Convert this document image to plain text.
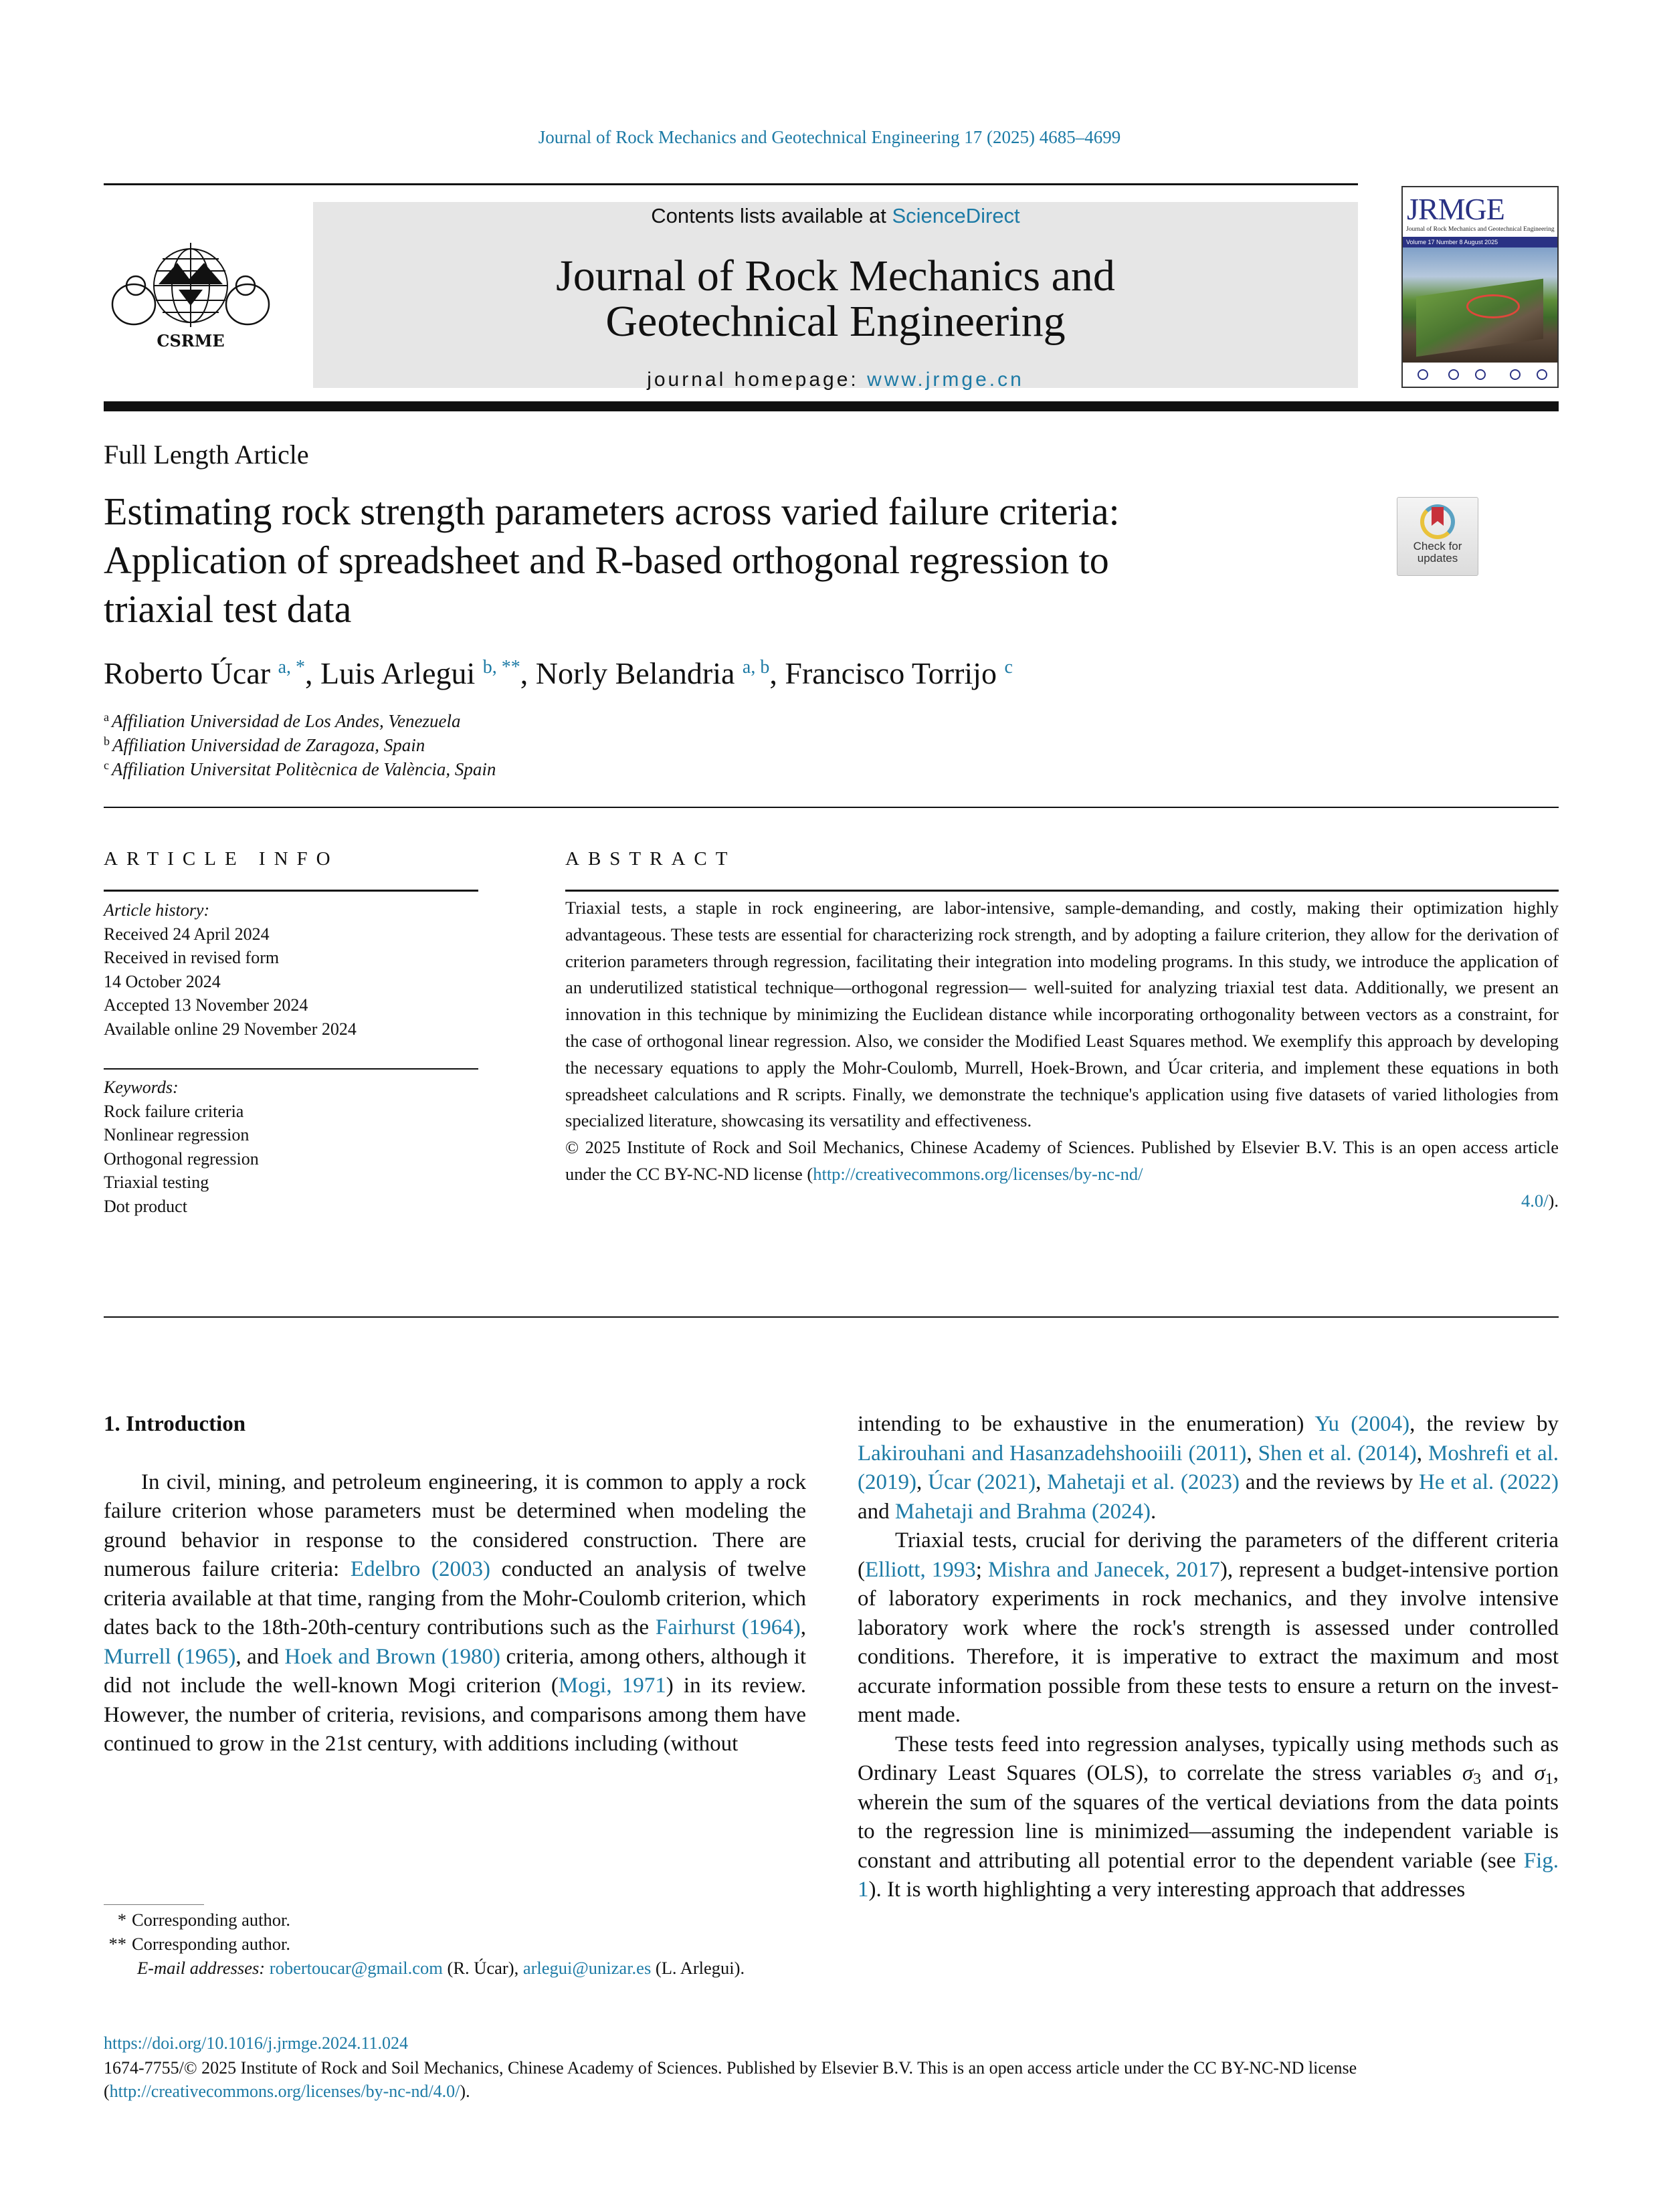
Journal of Rock Mechanics and Geotechnical Engineering 17 (2025) 4685–4699
CSRME
Contents lists available at ScienceDirect
Journal of Rock Mechanics and
Geotechnical Engineering
journal homepage: www.jrmge.cn
JRMGE
Journal of Rock Mechanics and Geotechnical Engineering
Volume 17 Number 8 August 2025
Full Length Article
Estimating rock strength parameters across varied failure criteria:
Application of spreadsheet and R-based orthogonal regression to
triaxial test data
Check for
updates
Roberto Úcar $^{a, *}$, Luis Arlegui $^{b, **}$, Norly Belandria $^{a, b}$, Francisco Torrijo $^c$
$^a$ Affiliation Universidad de Los Andes, Venezuela
$^b$ Affiliation Universidad de Zaragoza, Spain
$^c$ Affiliation Universitat Politècnica de València, Spain
ARTICLE INFO
Article history:
Received 24 April 2024
Received in revised form
14 October 2024
Accepted 13 November 2024
Available online 29 November 2024
Keywords:
Rock failure criteria
Nonlinear regression
Orthogonal regression
Triaxial testing
Dot product
ABSTRACT

Triaxial tests, a staple in rock engineering, are labor-intensive, sample-demanding, and costly, making their optimization highly advantageous. These tests are essential for characterizing rock strength, and by adopting a failure criterion, they allow for the derivation of criterion parameters through regression, facilitating their integration into modeling programs. In this study, we introduce the application of an underutilized statistical technique—orthogonal regression— well-suited for analyzing triaxial test data. Additionally, we present an innovation in this technique by minimizing the Euclidean distance while incorporating orthogonality between vectors as a constraint, for the case of orthogonal linear regression. Also, we consider the Modified Least Squares method. We exemplify this approach by developing the necessary equations to apply the Mohr-Coulomb, Murrell, Hoek-Brown, and Úcar criteria, and implement these equations in both spreadsheet calculations and R scripts. Finally, we demonstrate the technique's application using five datasets of varied lithologies from specialized literature, showcasing its versatility and effectiveness.

© 2025 Institute of Rock and Soil Mechanics, Chinese Academy of Sciences. Published by Elsevier B.V. This is an open access article under the CC BY-NC-ND license (http://creativecommons.org/licenses/by-nc-nd/

4.0/).

1. Introduction

In civil, mining, and petroleum engineering, it is common to apply a rock failure criterion whose parameters must be determined when modeling the ground behavior in response to the considered construction. There are numerous failure criteria: Edelbro (2003) conducted an analysis of twelve criteria available at that time, ranging from the Mohr-Coulomb criterion, which dates back to the 18th-20th-century contributions such as the Fairhurst (1964), Murrell (1965), and Hoek and Brown (1980) criteria, among others, although it did not include the well-known Mogi criterion (Mogi, 1971) in its review. However, the number of criteria, revisions, and comparisons among them have continued to grow in the 21st century, with additions including (without

intending to be exhaustive in the enumeration) Yu (2004), the review by Lakirouhani and Hasanzadehshooiili (2011), Shen et al. (2014), Moshrefi et al. (2019), Úcar (2021), Mahetaji et al. (2023) and the reviews by He et al. (2022) and Mahetaji and Brahma (2024).

Triaxial tests, crucial for deriving the parameters of the different criteria (Elliott, 1993; Mishra and Janecek, 2017), represent a budget-intensive portion of laboratory experiments in rock mechanics, and they involve intensive laboratory work where the rock's strength is assessed under controlled conditions. Therefore, it is imperative to extract the maximum and most accurate information possible from these tests to ensure a return on the investment made.

These tests feed into regression analyses, typically using methods such as Ordinary Least Squares (OLS), to correlate the stress variables $\sigma_3$ and $\sigma_1$, wherein the sum of the squares of the vertical deviations from the data points to the regression line is minimized—assuming the independent variable is constant and attributing all potential error to the dependent variable (see Fig. 1). It is worth highlighting a very interesting approach that addresses

* Corresponding author.
** Corresponding author.
E-mail addresses: robertoucar@gmail.com (R. Úcar), arlegui@unizar.es (L. Arlegui).
https://doi.org/10.1016/j.jrmge.2024.11.024
1674-7755/© 2025 Institute of Rock and Soil Mechanics, Chinese Academy of Sciences. Published by Elsevier B.V. This is an open access article under the CC BY-NC-ND license (http://creativecommons.org/licenses/by-nc-nd/4.0/).
